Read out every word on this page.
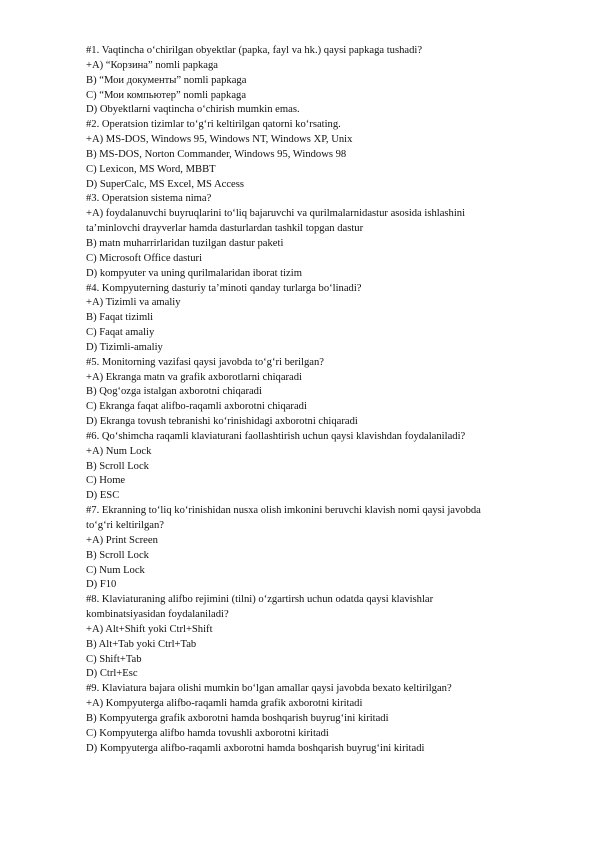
#1. Vaqtincha o‘chirilgan obyektlar (papka, fayl va hk.) qaysi papkaga tushadi?
+A) “Корзина” nomli papkaga
B) “Мои документы” nomli papkaga
C) “Мои компьютер” nomli papkaga
D) Obyektlarni vaqtincha o‘chirish mumkin emas.
#2. Operatsion tizimlar to‘g‘ri keltirilgan qatorni ko‘rsating.
+A) MS-DOS, Windows 95, Windows NT, Windows XP, Unix
B) MS-DOS, Norton Commander, Windows 95, Windows 98
C) Lexicon, MS Word, MBBT
D) SuperCalc, MS Excel, MS Access
#3. Operatsion sistema nima?
+A) foydalanuvchi buyruqlarini to‘liq bajaruvchi va qurilmalarnidastur asosida ishlashini
ta’minlovchi drayverlar hamda dasturlardan tashkil topgan dastur
B) matn muharrirlaridan tuzilgan dastur paketi
C) Microsoft Office dasturi
D) kompyuter va uning qurilmalaridan iborat tizim
#4. Kompyuterning dasturiy ta’minoti qanday turlarga bo‘linadi?
+A) Tizimli va amaliy
B) Faqat tizimli
C) Faqat amaliy
D) Tizimli-amaliy
#5. Monitorning vazifasi qaysi javobda to‘g‘ri berilgan?
+A) Ekranga matn va grafik axborotlarni chiqaradi
B) Qog‘ozga istalgan axborotni chiqaradi
C) Ekranga faqat alifbo-raqamli axborotni chiqaradi
D) Ekranga tovush tebranishi ko‘rinishidagi axborotni chiqaradi
#6. Qo‘shimcha raqamli klaviaturani faollashtirish uchun qaysi klavishdan foydalaniladi?
+A) Num Lock
B) Scroll Lock
C) Home
D) ESC
#7. Ekranning to‘liq ko‘rinishidan nusxa olish imkonini beruvchi klavish nomi qaysi javobda
to‘g‘ri keltirilgan?
+A) Print Screen
B) Scroll Lock
C) Num Lock
D) F10
#8. Klaviaturaning alifbo rejimini (tilni) o‘zgartirsh uchun odatda qaysi klavishlar
kombinatsiyasidan foydalaniladi?
+A) Alt+Shift yoki Ctrl+Shift
B) Alt+Tab yoki Ctrl+Tab
C) Shift+Tab
D) Ctrl+Esc
#9. Klaviatura bajara olishi mumkin bo‘lgan amallar qaysi javobda bexato keltirilgan?
+A) Kompyuterga alifbo-raqamli hamda grafik axborotni kiritadi
B) Kompyuterga grafik axborotni hamda boshqarish buyrug‘ini kiritadi
C) Kompyuterga alifbo hamda tovushli axborotni kiritadi
D) Kompyuterga alifbo-raqamli axborotni hamda boshqarish buyrug‘ini kiritadi
